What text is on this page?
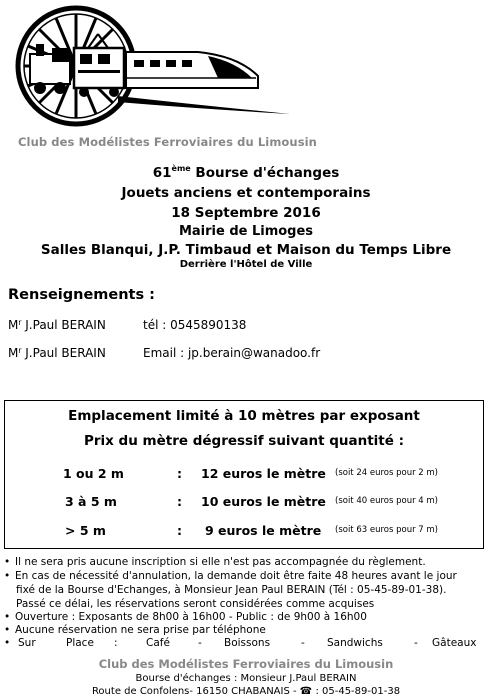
Club des Modélistes Ferroviaires du Limousin
61ème Bourse d'échanges
Jouets anciens et contemporains
18 Septembre 2016
Mairie de Limoges
Salles Blanqui, J.P. Timbaud et Maison du Temps Libre
Derrière l'Hôtel de Ville
Renseignements :
$M^r$ J.Paul BERAIN	tél : 0545890138
$M^r$ J.Paul BERAIN	Email : jp.berain@wanadoo.fr
Emplacement limité à 10 mètres par exposant
Prix du mètre dégressif suivant quantité :
1 ou 2 m	: 12 euros le mètre (soit 24 euros pour 2 m)
3 à 5 m	: 10 euros le mètre (soit 40 euros pour 4 m)
> 5 m	: 9 euros le mètre (soit 63 euros pour 7 m)
• Il ne sera pris aucune inscription si elle n'est pas accompagnée du règlement.
• En cas de nécessité d'annulation, la demande doit être faite 48 heures avant le jour
fixé de la Bourse d'Echanges, à Monsieur Jean Paul BERAIN (Tél : 05-45-89-01-38).
Passé ce délai, les réservations seront considérées comme acquises
• Ouverture : Exposants de 8h00 à 16h00 - Public : de 9h00 à 16h00
• Aucune réservation ne sera prise par téléphone
• Sur	Place :	Café	- Boissons	- Sandwichs	- Gâteaux
Club des Modélistes Ferroviaires du Limousin
Bourse d'échanges : Monsieur J.Paul BERAIN
Route de Confolens- 16150 CHABANAIS - ☎ : 05-45-89-01-38
